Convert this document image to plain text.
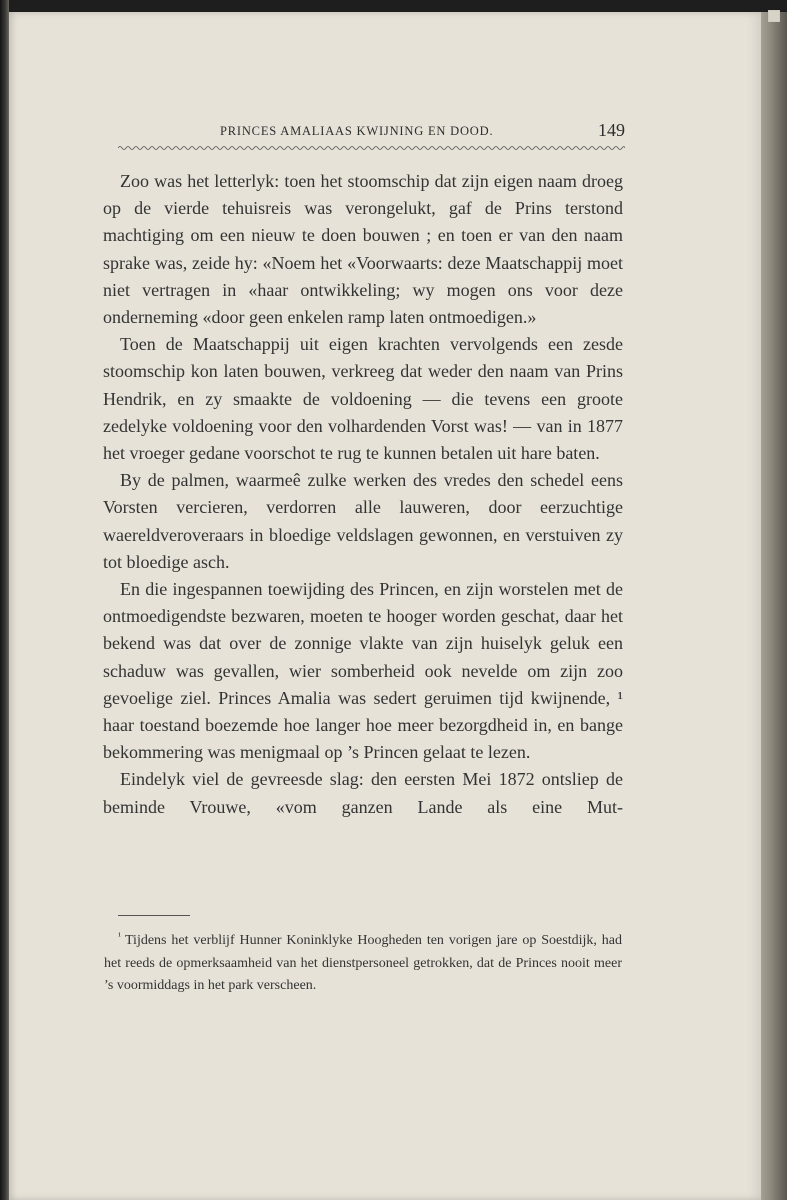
PRINCES AMALIAAS KWIJNING EN DOOD.	149

Zoo was het letterlyk: toen het stoomschip dat zijn eigen naam droeg op de vierde tehuisreis was verongelukt, gaf de Prins terstond machtiging om een nieuw te doen bouwen ; en toen er van den naam sprake was, zeide hy: «Noem het «Voorwaarts: deze Maatschappij moet niet vertragen in «haar ontwikkeling; wy mogen ons voor deze onderneming «door geen enkelen ramp laten ontmoedigen.»

Toen de Maatschappij uit eigen krachten vervolgends een zesde stoomschip kon laten bouwen, verkreeg dat weder den naam van Prins Hendrik, en zy smaakte de voldoening — die tevens een groote zedelyke voldoening voor den volhardenden Vorst was! — van in 1877 het vroeger gedane voorschot te rug te kunnen betalen uit hare baten.

By de palmen, waarmeê zulke werken des vredes den schedel eens Vorsten vercieren, verdorren alle lauweren, door eerzuchtige waereldveroveraars in bloedige veldslagen gewonnen, en verstuiven zy tot bloedige asch.

En die ingespannen toewijding des Princen, en zijn worstelen met de ontmoedigendste bezwaren, moeten te hooger worden geschat, daar het bekend was dat over de zonnige vlakte van zijn huiselyk geluk een schaduw was gevallen, wier somberheid ook nevelde om zijn zoo gevoelige ziel. Princes Amalia was sedert geruimen tijd kwijnende, ¹ haar toestand boezemde hoe langer hoe meer bezorgdheid in, en bange bekommering was menigmaal op ’s Princen gelaat te lezen.

Eindelyk viel de gevreesde slag: den eersten Mei 1872 ontsliep de beminde Vrouwe, «vom ganzen Lande als eine Mut-

$^{^1}$ Tijdens het verblijf Hunner Koninklyke Hoogheden ten vorigen jare op Soestdijk, had het reeds de opmerksaamheid van het dienstpersoneel getrokken, dat de Princes nooit meer ’s voormiddags in het park verscheen.
